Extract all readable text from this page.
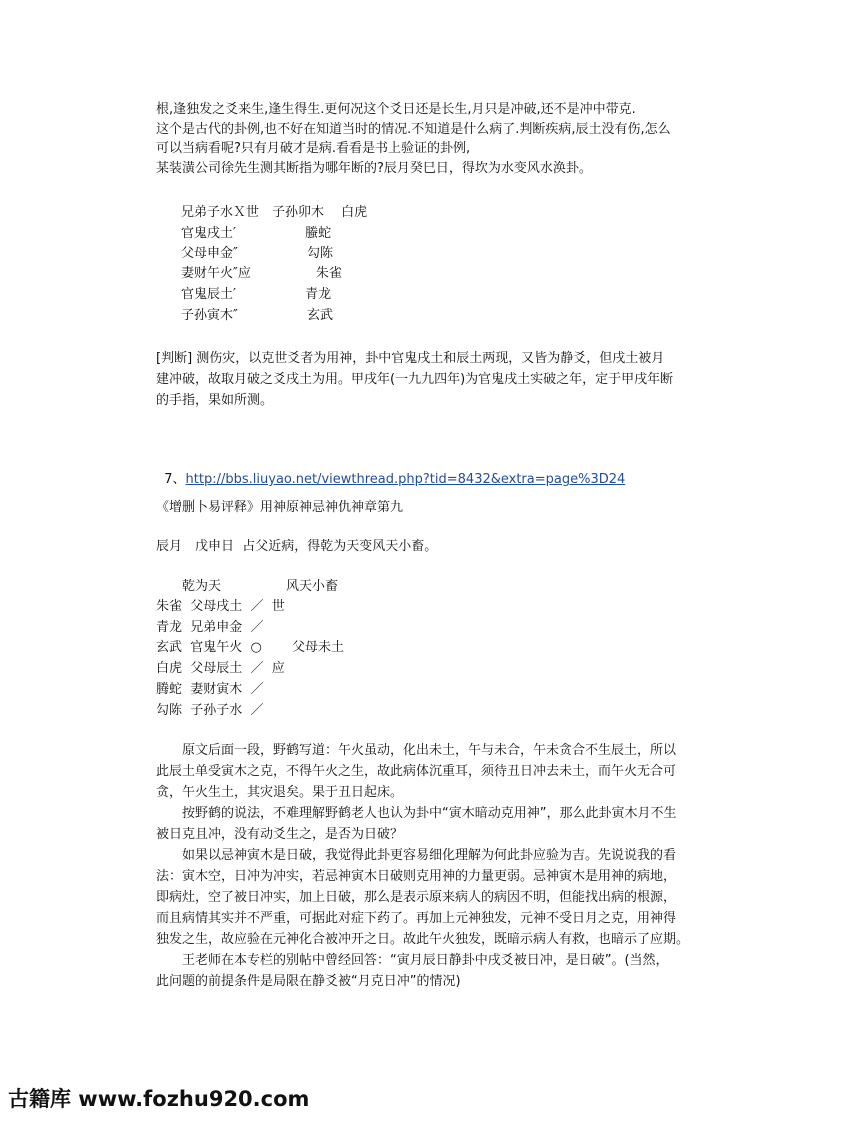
根,逢独发之爻来生,逢生得生.更何况这个爻日还是长生,月只是冲破,还不是冲中带克.
这个是古代的卦例,也不好在知道当时的情况.不知道是什么病了.判断疾病,辰土没有伤,怎么
可以当病看呢?只有月破才是病.看看是书上验证的卦例,
某装潢公司徐先生测其断指为哪年断的?辰月癸巳日，得坎为水变风水涣卦。
兄弟子水Ｘ世　子孙卯木　 白虎
官鬼戌土′　　　　　 螣蛇
父母申金″　　　　　 勾陈
妻财午火″应　　　　　朱雀
官鬼辰土′　　　　　 青龙
子孙寅木″　　　　　 玄武
[判断] 测伤灾，以克世爻者为用神，卦中官鬼戌土和辰土两现，又皆为静爻，但戌土被月
建冲破，故取月破之爻戌土为用。甲戌年(一九九四年)为官鬼戌土实破之年，定于甲戌年断
的手指，果如所测。

7、http://bbs.liuyao.net/viewthread.php?tid=8432&extra=page%3D24

《增删卜易评释》用神原神忌神仇神章第九
辰月　戊申日  占父近病，得乾为天变风天小畜。
　　乾为天　　　　　风天小畜
朱雀  父母戌土  ／  世
青龙  兄弟申金  ／
玄武  官鬼午火  ○　　 父母未土
白虎  父母辰土  ／  应
腾蛇  妻财寅木  ／
勾陈  子孙子水  ／
　　原文后面一段，野鹤写道：午火虽动，化出未土，午与未合，午未贪合不生辰土，所以
此辰土单受寅木之克，不得午火之生，故此病体沉重耳，须待丑日冲去未土，而午火无合可
贪，午火生土，其灾退矣。果于丑日起床。
　　按野鹤的说法，不难理解野鹤老人也认为卦中“寅木暗动克用神”，那么此卦寅木月不生
被日克且冲，没有动爻生之，是否为日破？
　　如果以忌神寅木是日破，我觉得此卦更容易细化理解为何此卦应验为吉。先说说我的看
法：寅木空，日冲为冲实，若忌神寅木日破则克用神的力量更弱。忌神寅木是用神的病地，
即病灶，空了被日冲实，加上日破，那么是表示原来病人的病因不明，但能找出病的根源，
而且病情其实并不严重，可据此对症下药了。再加上元神独发，元神不受日月之克，用神得
独发之生，故应验在元神化合被冲开之日。故此午火独发，既暗示病人有救，也暗示了应期。
　　王老师在本专栏的别帖中曾经回答：“寅月辰日静卦中戌爻被日冲，是日破”。(当然，
此问题的前提条件是局限在静爻被“月克日冲”的情况)
古籍库 www.fozhu920.com
